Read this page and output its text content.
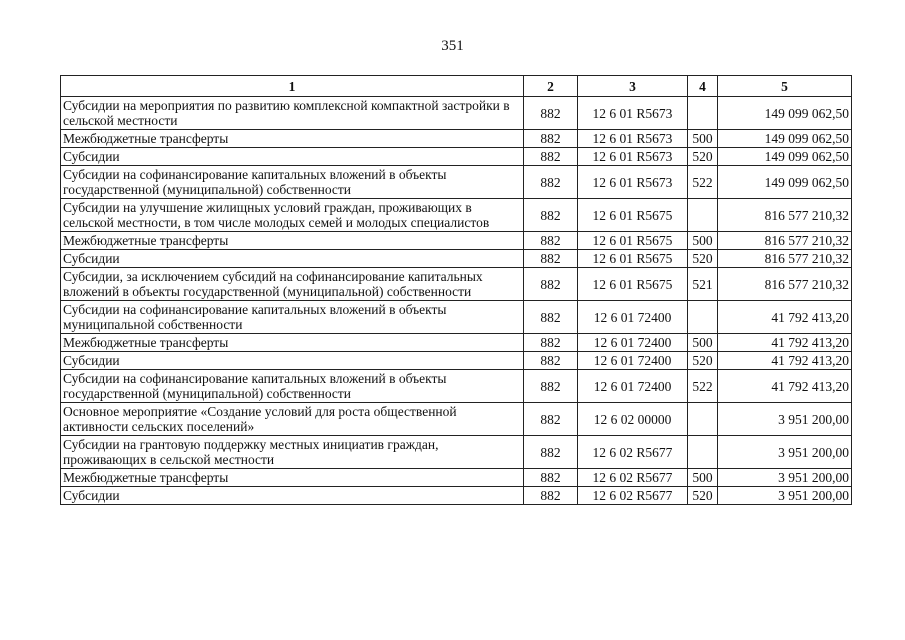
351
1	2	3	4	5
Субсидии на мероприятия по развитию комплексной компактной застройки в сельской местности	882	12 6 01 R5673		149 099 062,50
Межбюджетные трансферты	882	12 6 01 R5673	500	149 099 062,50
Субсидии	882	12 6 01 R5673	520	149 099 062,50
Субсидии на софинансирование капитальных вложений в объекты государственной (муниципальной) собственности	882	12 6 01 R5673	522	149 099 062,50
Субсидии на улучшение жилищных условий граждан, проживающих в сельской местности, в том числе молодых семей и молодых специалистов	882	12 6 01 R5675		816 577 210,32
Межбюджетные трансферты	882	12 6 01 R5675	500	816 577 210,32
Субсидии	882	12 6 01 R5675	520	816 577 210,32
Субсидии, за исключением субсидий на софинансирование капитальных вложений в объекты государственной (муниципальной) собственности	882	12 6 01 R5675	521	816 577 210,32
Субсидии на софинансирование капитальных вложений в объекты муниципальной собственности	882	12 6 01 72400		41 792 413,20
Межбюджетные трансферты	882	12 6 01 72400	500	41 792 413,20
Субсидии	882	12 6 01 72400	520	41 792 413,20
Субсидии на софинансирование капитальных вложений в объекты государственной (муниципальной) собственности	882	12 6 01 72400	522	41 792 413,20
Основное мероприятие «Создание условий для роста общественной активности сельских поселений»	882	12 6 02 00000		3 951 200,00
Субсидии на грантовую поддержку местных инициатив граждан, проживающих в сельской местности	882	12 6 02 R5677		3 951 200,00
Межбюджетные трансферты	882	12 6 02 R5677	500	3 951 200,00
Субсидии	882	12 6 02 R5677	520	3 951 200,00
